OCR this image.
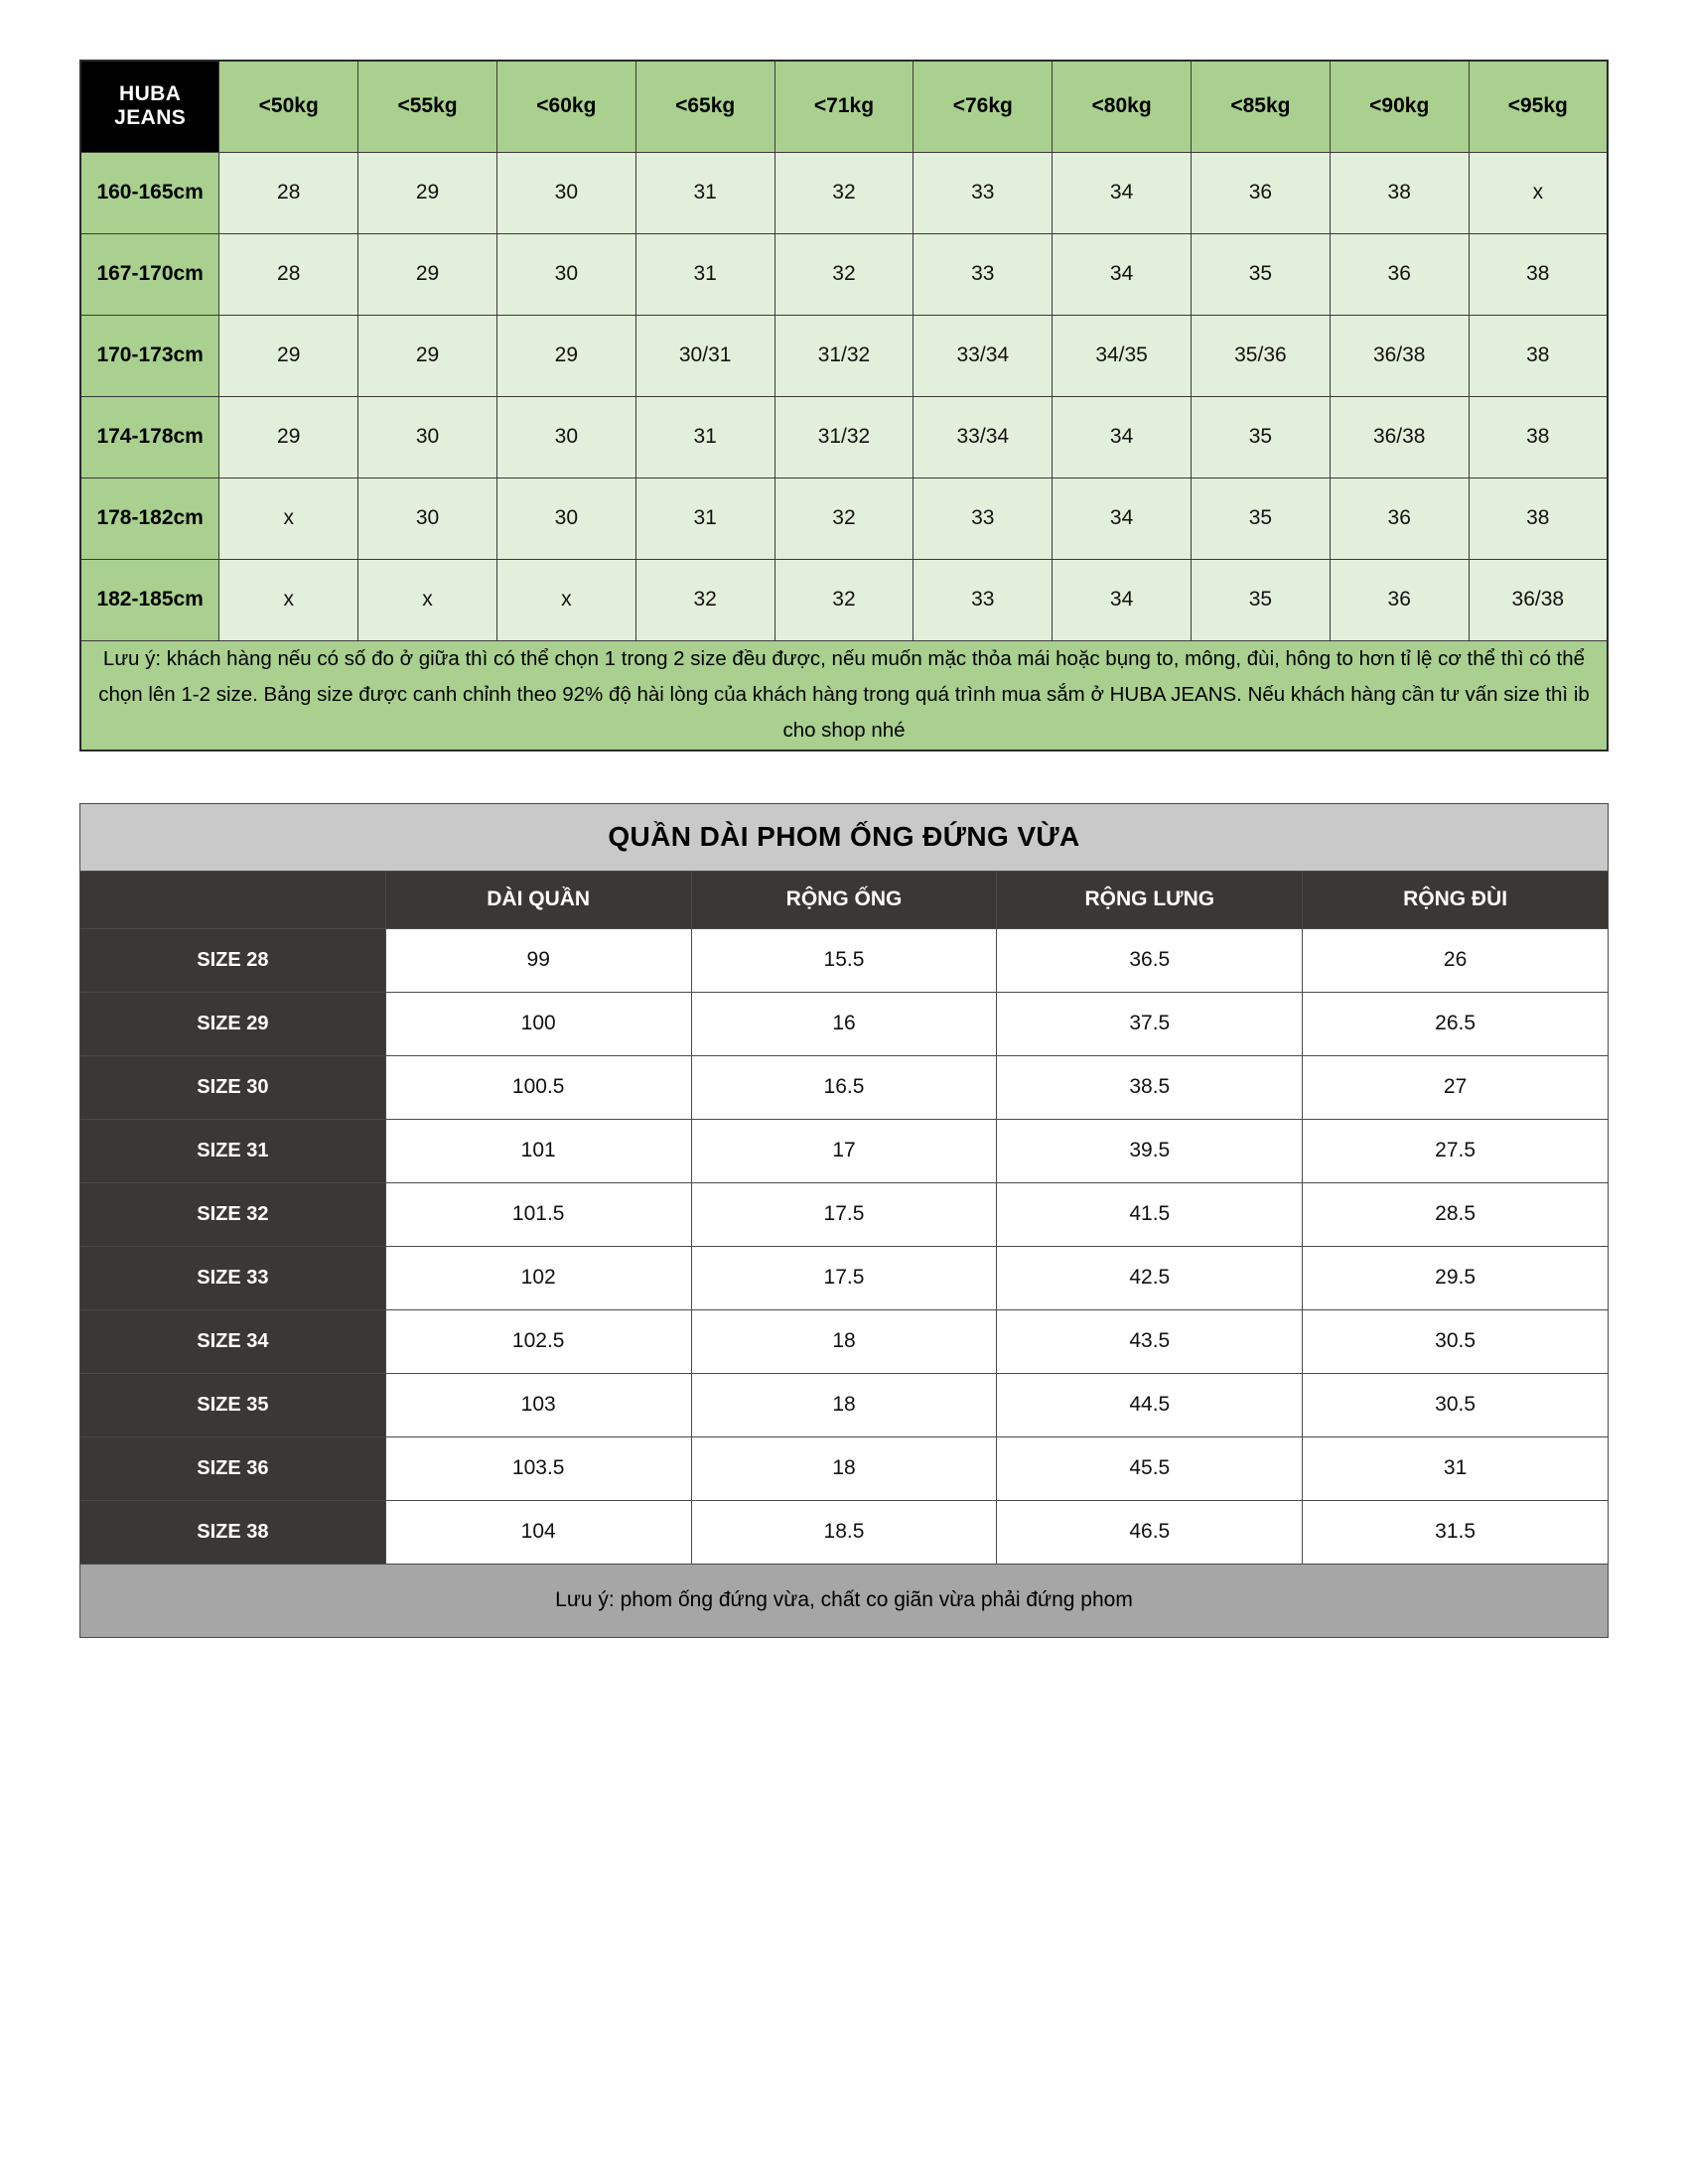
HUBA JEANS	<50kg	<55kg	<60kg	<65kg	<71kg	<76kg	<80kg	<85kg	<90kg	<95kg
160-165cm	28	29	30	31	32	33	34	36	38	x
167-170cm	28	29	30	31	32	33	34	35	36	38
170-173cm	29	29	29	30/31	31/32	33/34	34/35	35/36	36/38	38
174-178cm	29	30	30	31	31/32	33/34	34	35	36/38	38
178-182cm	x	30	30	31	32	33	34	35	36	38
182-185cm	x	x	x	32	32	33	34	35	36	36/38
Lưu ý: khách hàng nếu có số đo ở giữa thì có thể chọn 1 trong 2 size đều được, nếu muốn mặc thỏa mái hoặc bụng to, mông, đùi, hông to hơn tỉ lệ cơ thể thì có thể chọn lên 1-2 size. Bảng size được canh chỉnh theo 92% độ hài lòng của khách hàng trong quá trình mua sắm ở HUBA JEANS. Nếu khách hàng cần tư vấn size thì ib cho shop nhé										
QUẦN DÀI PHOM ỐNG ĐỨNG VỪA				
	DÀI QUẦN	RỘNG ỐNG	RỘNG LƯNG	RỘNG ĐÙI
SIZE 28	99	15.5	36.5	26
SIZE 29	100	16	37.5	26.5
SIZE 30	100.5	16.5	38.5	27
SIZE 31	101	17	39.5	27.5
SIZE 32	101.5	17.5	41.5	28.5
SIZE 33	102	17.5	42.5	29.5
SIZE 34	102.5	18	43.5	30.5
SIZE 35	103	18	44.5	30.5
SIZE 36	103.5	18	45.5	31
SIZE 38	104	18.5	46.5	31.5
Lưu ý: phom ống đứng vừa, chất co giãn vừa phải đứng phom				
